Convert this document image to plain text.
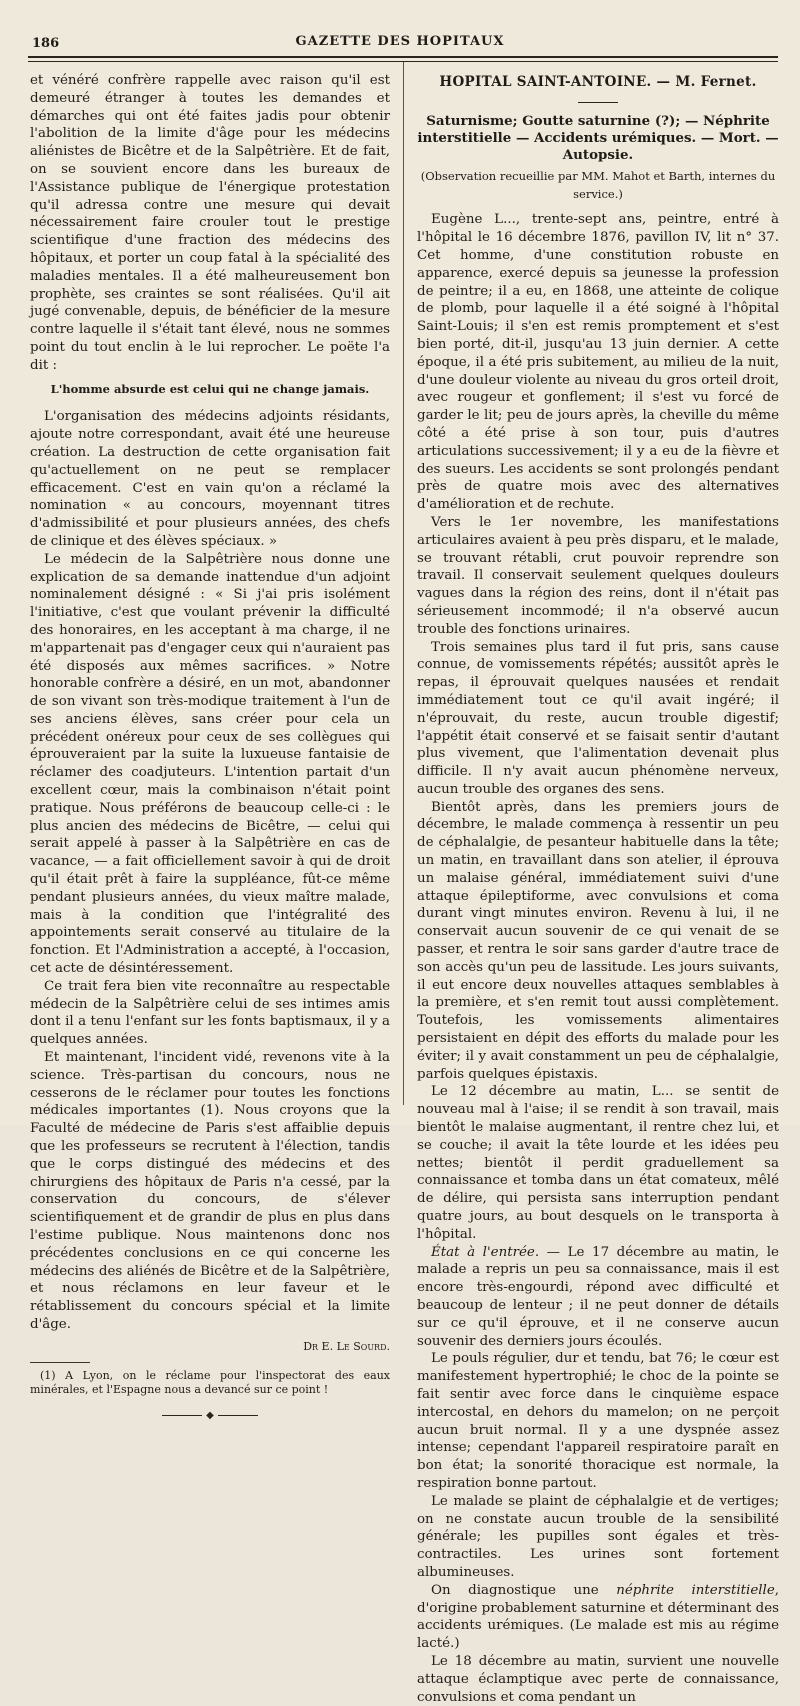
186	GAZETTE DES HOPITAUX

et vénéré confrère rappelle avec raison qu'il est demeuré étranger à toutes les demandes et démarches qui ont été faites jadis pour obtenir l'abolition de la limite d'âge pour les médecins aliénistes de Bicêtre et de la Salpêtrière. Et de fait, on se souvient encore dans les bureaux de l'Assistance publique de l'énergique protestation qu'il adressa contre une mesure qui devait nécessairement faire crouler tout le prestige scientifique d'une fraction des médecins des hôpitaux, et porter un coup fatal à la spécialité des maladies mentales. Il a été malheureusement bon prophète, ses craintes se sont réalisées. Qu'il ait jugé convenable, depuis, de bénéficier de la mesure contre laquelle il s'était tant élevé, nous ne sommes point du tout enclin à le lui reprocher. Le poëte l'a dit :

L'homme absurde est celui qui ne change jamais.

L'organisation des médecins adjoints résidants, ajoute notre correspondant, avait été une heureuse création. La destruction de cette organisation fait qu'actuellement on ne peut se remplacer efficacement. C'est en vain qu'on a réclamé la nomination « au concours, moyennant titres d'admissibilité et pour plusieurs années, des chefs de clinique et des élèves spéciaux. »

Le médecin de la Salpêtrière nous donne une explication de sa demande inattendue d'un adjoint nominalement désigné : « Si j'ai pris isolément l'initiative, c'est que voulant prévenir la difficulté des honoraires, en les acceptant à ma charge, il ne m'appartenait pas d'engager ceux qui n'auraient pas été disposés aux mêmes sacrifices. » Notre honorable confrère a désiré, en un mot, abandonner de son vivant son très-modique traitement à l'un de ses anciens élèves, sans créer pour cela un précédent onéreux pour ceux de ses collègues qui éprouveraient par la suite la luxueuse fantaisie de réclamer des coadjuteurs. L'intention partait d'un excellent cœur, mais la combinaison n'était point pratique. Nous préférons de beaucoup celle-ci : le plus ancien des médecins de Bicêtre, — celui qui serait appelé à passer à la Salpêtrière en cas de vacance, — a fait officiellement savoir à qui de droit qu'il était prêt à faire la suppléance, fût-ce même pendant plusieurs années, du vieux maître malade, mais à la condition que l'intégralité des appointements serait conservé au titulaire de la fonction. Et l'Administration a accepté, à l'occasion, cet acte de désintéressement.

Ce trait fera bien vite reconnaître au respectable médecin de la Salpêtrière celui de ses intimes amis dont il a tenu l'enfant sur les fonts baptismaux, il y a quelques années.

Et maintenant, l'incident vidé, revenons vite à la science. Très-partisan du concours, nous ne cesserons de le réclamer pour toutes les fonctions médicales importantes (1). Nous croyons que la Faculté de médecine de Paris s'est affaiblie depuis que les professeurs se recrutent à l'élection, tandis que le corps distingué des médecins et des chirurgiens des hôpitaux de Paris n'a cessé, par la conservation du concours, de s'élever scientifiquement et de grandir de plus en plus dans l'estime publique. Nous maintenons donc nos précédentes conclusions en ce qui concerne les médecins des aliénés de Bicêtre et de la Salpêtrière, et nous réclamons en leur faveur et le rétablissement du concours spécial et la limite d'âge.

Dr E. Le Sourd.

(1) A Lyon, on le réclame pour l'inspectorat des eaux minérales, et l'Espagne nous a devancé sur ce point !

◆

HOPITAL SAINT-ANTOINE. — M. Fernet.

Saturnisme; Goutte saturnine (?); — Néphrite interstitielle — Accidents urémiques. — Mort. — Autopsie.

(Observation recueillie par MM. Mahot et Barth, internes du service.)

Eugène L..., trente-sept ans, peintre, entré à l'hôpital le 16 décembre 1876, pavillon IV, lit n° 37. Cet homme, d'une constitution robuste en apparence, exercé depuis sa jeunesse la profession de peintre; il a eu, en 1868, une atteinte de colique de plomb, pour laquelle il a été soigné à l'hôpital Saint-Louis; il s'en est remis promptement et s'est bien porté, dit-il, jusqu'au 13 juin dernier. A cette époque, il a été pris subitement, au milieu de la nuit, d'une douleur violente au niveau du gros orteil droit, avec rougeur et gonflement; il s'est vu forcé de garder le lit; peu de jours après, la cheville du même côté a été prise à son tour, puis d'autres articulations successivement; il y a eu de la fièvre et des sueurs. Les accidents se sont prolongés pendant près de quatre mois avec des alternatives d'amélioration et de rechute.

Vers le 1er novembre, les manifestations articulaires avaient à peu près disparu, et le malade, se trouvant rétabli, crut pouvoir reprendre son travail. Il conservait seulement quelques douleurs vagues dans la région des reins, dont il n'était pas sérieusement incommodé; il n'a observé aucun trouble des fonctions urinaires.

Trois semaines plus tard il fut pris, sans cause connue, de vomissements répétés; aussitôt après le repas, il éprouvait quelques nausées et rendait immédiatement tout ce qu'il avait ingéré; il n'éprouvait, du reste, aucun trouble digestif; l'appétit était conservé et se faisait sentir d'autant plus vivement, que l'alimentation devenait plus difficile. Il n'y avait aucun phénomène nerveux, aucun trouble des organes des sens.

Bientôt après, dans les premiers jours de décembre, le malade commença à ressentir un peu de céphalalgie, de pesanteur habituelle dans la tête; un matin, en travaillant dans son atelier, il éprouva un malaise général, immédiatement suivi d'une attaque épileptiforme, avec convulsions et coma durant vingt minutes environ. Revenu à lui, il ne conservait aucun souvenir de ce qui venait de se passer, et rentra le soir sans garder d'autre trace de son accès qu'un peu de lassitude. Les jours suivants, il eut encore deux nouvelles attaques semblables à la première, et s'en remit tout aussi complètement. Toutefois, les vomissements alimentaires persistaient en dépit des efforts du malade pour les éviter; il y avait constamment un peu de céphalalgie, parfois quelques épistaxis.

Le 12 décembre au matin, L... se sentit de nouveau mal à l'aise; il se rendit à son travail, mais bientôt le malaise augmentant, il rentre chez lui, et se couche; il avait la tête lourde et les idées peu nettes; bientôt il perdit graduellement sa connaissance et tomba dans un état comateux, mêlé de délire, qui persista sans interruption pendant quatre jours, au bout desquels on le transporta à l'hôpital.

État à l'entrée. — Le 17 décembre au matin, le malade a repris un peu sa connaissance, mais il est encore très-engourdi, répond avec difficulté et beaucoup de lenteur ; il ne peut donner de détails sur ce qu'il éprouve, et il ne conserve aucun souvenir des derniers jours écoulés.

Le pouls régulier, dur et tendu, bat 76; le cœur est manifestement hypertrophié; le choc de la pointe se fait sentir avec force dans le cinquième espace intercostal, en dehors du mamelon; on ne perçoit aucun bruit normal. Il y a une dyspnée assez intense; cependant l'appareil respiratoire paraît en bon état; la sonorité thoracique est normale, la respiration bonne partout.

Le malade se plaint de céphalalgie et de vertiges; on ne constate aucun trouble de la sensibilité générale; les pupilles sont égales et très-contractiles. Les urines sont fortement albumineuses.

On diagnostique une néphrite interstitielle, d'origine probablement saturnine et déterminant des accidents urémiques. (Le malade est mis au régime lacté.)

Le 18 décembre au matin, survient une nouvelle attaque éclamptique avec perte de connaissance, convulsions et coma pendant un
